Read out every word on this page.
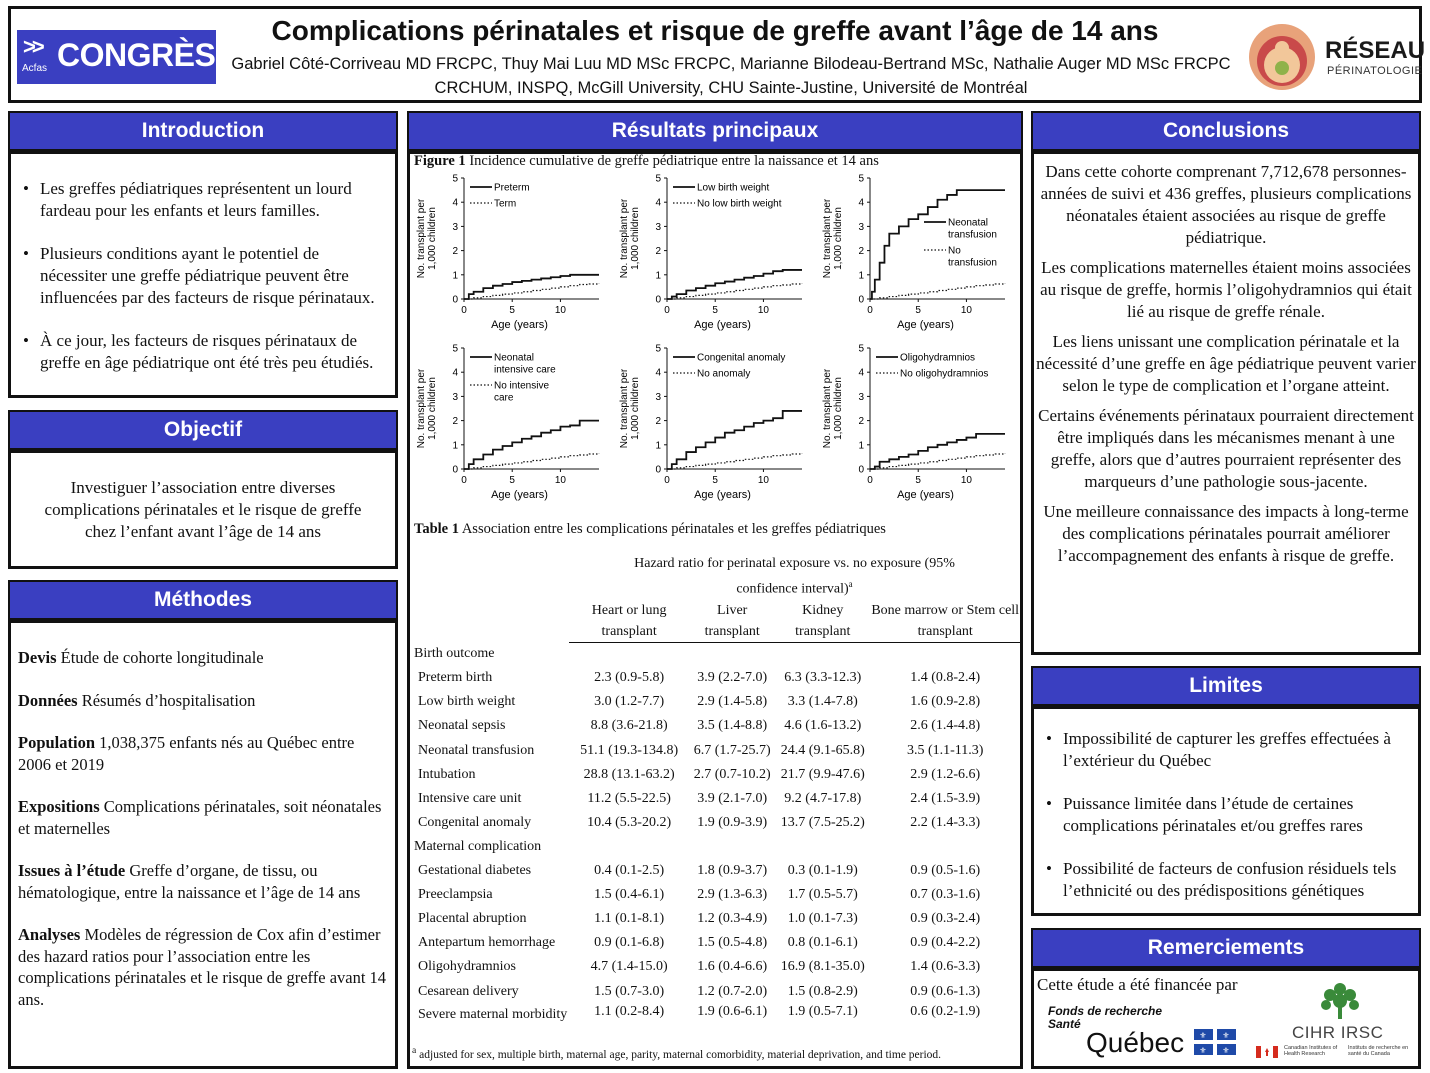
>>
Acfas CONGRÈS
Complications périnatales et risque de greffe avant l’âge de 14 ans
Gabriel Côté-Corriveau MD FRCPC, Thuy Mai Luu MD MSc FRCPC, Marianne Bilodeau-Bertrand MSc, Nathalie Auger MD MSc FRCPC
CRCHUM, INSPQ, McGill University, CHU Sainte-Justine, Université de Montréal
RÉSEAU
PÉRINATOLOGIE
Introduction
• Les greffes pédiatriques représentent un lourd fardeau pour les enfants et leurs familles.
• Plusieurs conditions ayant le potentiel de nécessiter une greffe pédiatrique peuvent être influencées par des facteurs de risque périnataux.
• À ce jour, les facteurs de risques périnataux de greffe en âge pédiatrique ont été très peu étudiés.
Objectif

Investiguer l’association entre diverses complications périnatales et le risque de greffe chez l’enfant avant l’âge de 14 ans

Méthodes

Devis Étude de cohorte longitudinale

Données Résumés d’hospitalisation

Population 1,038,375 enfants nés au Québec entre 2006 et 2019

Expositions Complications périnatales, soit néonatales et maternelles

Issues à l’étude Greffe d’organe, de tissu, ou hématologique, entre la naissance et l’âge de 14 ans

Analyses Modèles de régression de Cox afin d’estimer des hazard ratios pour l’association entre les complications périnatales et le risque de greffe avant 14 ans.

Résultats principaux
Figure 1 Incidence cumulative de greffe pédiatrique entre la naissance et 14 ans
0
1
2
3
4
5
0	5	10
Age (years)
No. transplant per1,000 children
Preterm
Term
0
1
2
3
4
5
0	5	10
Age (years)
No. transplant per1,000 children
Low birth weight
No low birth weight
0
1
2
3
4
5
0	5	10
Age (years)
No. transplant per1,000 children	Neonatal
transfusion
No
transfusion
0
1
2
3
4
5
0	5	10
Age (years)
No. transplant per1,000 children
Neonatal
intensive care
No intensive
care
0
1
2
3
4
5
0	5	10
Age (years)
No. transplant per1,000 children
Congenital anomaly
No anomaly
0
1
2
3
4
5
0	5	10
Age (years)
No. transplant per1,000 children
Oligohydramnios
No oligohydramnios
Table 1 Association entre les complications périnatales et les greffes pédiatriques
	Hazard ratio for perinatal exposure vs. no exposure (95% confidence interval)$^a$
	Heart or lung transplant	Liver transplant	Kidney transplant	Bone marrow or Stem cell transplant
Birth outcome				
Preterm birth	2.3 (0.9-5.8)	3.9 (2.2-7.0)	6.3 (3.3-12.3)	1.4 (0.8-2.4)
Low birth weight	3.0 (1.2-7.7)	2.9 (1.4-5.8)	3.3 (1.4-7.8)	1.6 (0.9-2.8)
Neonatal sepsis	8.8 (3.6-21.8)	3.5 (1.4-8.8)	4.6 (1.6-13.2)	2.6 (1.4-4.8)
Neonatal transfusion	51.1 (19.3-134.8)	6.7 (1.7-25.7)	24.4 (9.1-65.8)	3.5 (1.1-11.3)
Intubation	28.8 (13.1-63.2)	2.7 (0.7-10.2)	21.7 (9.9-47.6)	2.9 (1.2-6.6)
Intensive care unit	11.2 (5.5-22.5)	3.9 (2.1-7.0)	9.2 (4.7-17.8)	2.4 (1.5-3.9)
Congenital anomaly	10.4 (5.3-20.2)	1.9 (0.9-3.9)	13.7 (7.5-25.2)	2.2 (1.4-3.3)
Maternal complication				
Gestational diabetes	0.4 (0.1-2.5)	1.8 (0.9-3.7)	0.3 (0.1-1.9)	0.9 (0.5-1.6)
Preeclampsia	1.5 (0.4-6.1)	2.9 (1.3-6.3)	1.7 (0.5-5.7)	0.7 (0.3-1.6)
Placental abruption	1.1 (0.1-8.1)	1.2 (0.3-4.9)	1.0 (0.1-7.3)	0.9 (0.3-2.4)
Antepartum hemorrhage	0.9 (0.1-6.8)	1.5 (0.5-4.8)	0.8 (0.1-6.1)	0.9 (0.4-2.2)
Oligohydramnios	4.7 (1.4-15.0)	1.6 (0.4-6.6)	16.9 (8.1-35.0)	1.4 (0.6-3.3)
Cesarean delivery	1.5 (0.7-3.0)	1.2 (0.7-2.0)	1.5 (0.8-2.9)	0.9 (0.6-1.3)
Severe maternal morbidity	1.1 (0.2-8.4)	1.9 (0.6-6.1)	1.9 (0.5-7.1)	0.6 (0.2-1.9)
$^a$ adjusted for sex, multiple birth, maternal age, parity, maternal comorbidity, material deprivation, and time period.
Conclusions

Dans cette cohorte comprenant 7,712,678 personnes-années de suivi et 436 greffes, plusieurs complications néonatales étaient associées au risque de greffe pédiatrique.

Les complications maternelles étaient moins associées au risque de greffe, hormis l’oligohydramnios qui était lié au risque de greffe rénale.

Les liens unissant une complication périnatale et la nécessité d’une greffe en âge pédiatrique peuvent varier selon le type de complication et l’organe atteint.

Certains événements périnataux pourraient directement être impliqués dans les mécanismes menant à une greffe, alors que d’autres pourraient représenter des marqueurs d’une pathologie sous-jacente.

Une meilleure connaissance des impacts à long-terme des complications périnatales pourrait améliorer l’accompagnement des enfants à risque de greffe.

Limites
• Impossibilité de capturer les greffes effectuées à l’extérieur du Québec
• Puissance limitée dans l’étude de certaines complications périnatales et/ou greffes rares
• Possibilité de facteurs de confusion résiduels tels l’ethnicité ou des prédispositions génétiques
Remerciements
Cette étude a été financée par
Fonds de recherche
Santé
Québec ⚜ ⚜
⚜ ⚜
CIHR IRSC
Canadian Institutes of Health Research
Instituts de recherche en santé du Canada
